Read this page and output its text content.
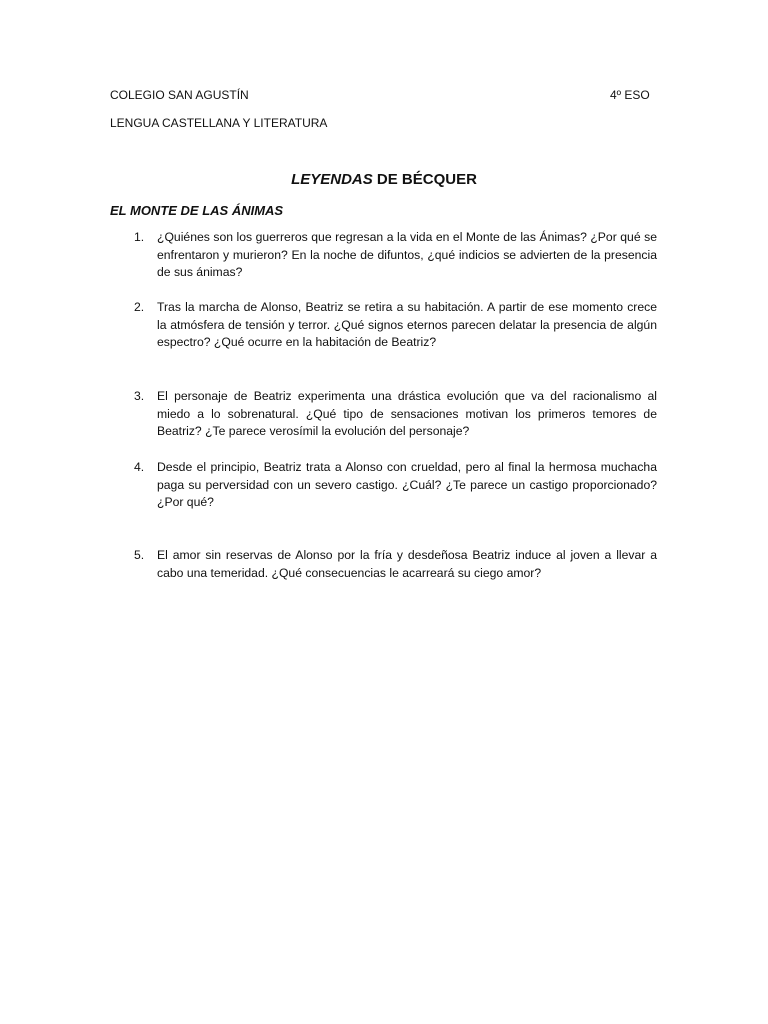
COLEGIO SAN AGUSTÍN	4º ESO
LENGUA CASTELLANA Y LITERATURA
LEYENDAS DE BÉCQUER
EL MONTE DE LAS ÁNIMAS
1. ¿Quiénes son los guerreros que regresan a la vida en el Monte de las Ánimas? ¿Por qué se enfrentaron y murieron? En la noche de difuntos, ¿qué indicios se advierten de la presencia de sus ánimas?
2. Tras la marcha de Alonso, Beatriz se retira a su habitación. A partir de ese momento crece la atmósfera de tensión y terror. ¿Qué signos eternos parecen delatar la presencia de algún espectro? ¿Qué ocurre en la habitación de Beatriz?
3. El personaje de Beatriz experimenta una drástica evolución que va del racionalismo al miedo a lo sobrenatural. ¿Qué tipo de sensaciones motivan los primeros temores de Beatriz? ¿Te parece verosímil la evolución del personaje?
4. Desde el principio, Beatriz trata a Alonso con crueldad, pero al final la hermosa muchacha paga su perversidad con un severo castigo. ¿Cuál? ¿Te parece un castigo proporcionado? ¿Por qué?
5. El amor sin reservas de Alonso por la fría y desdeñosa Beatriz induce al joven a llevar a cabo una temeridad. ¿Qué consecuencias le acarreará su ciego amor?
